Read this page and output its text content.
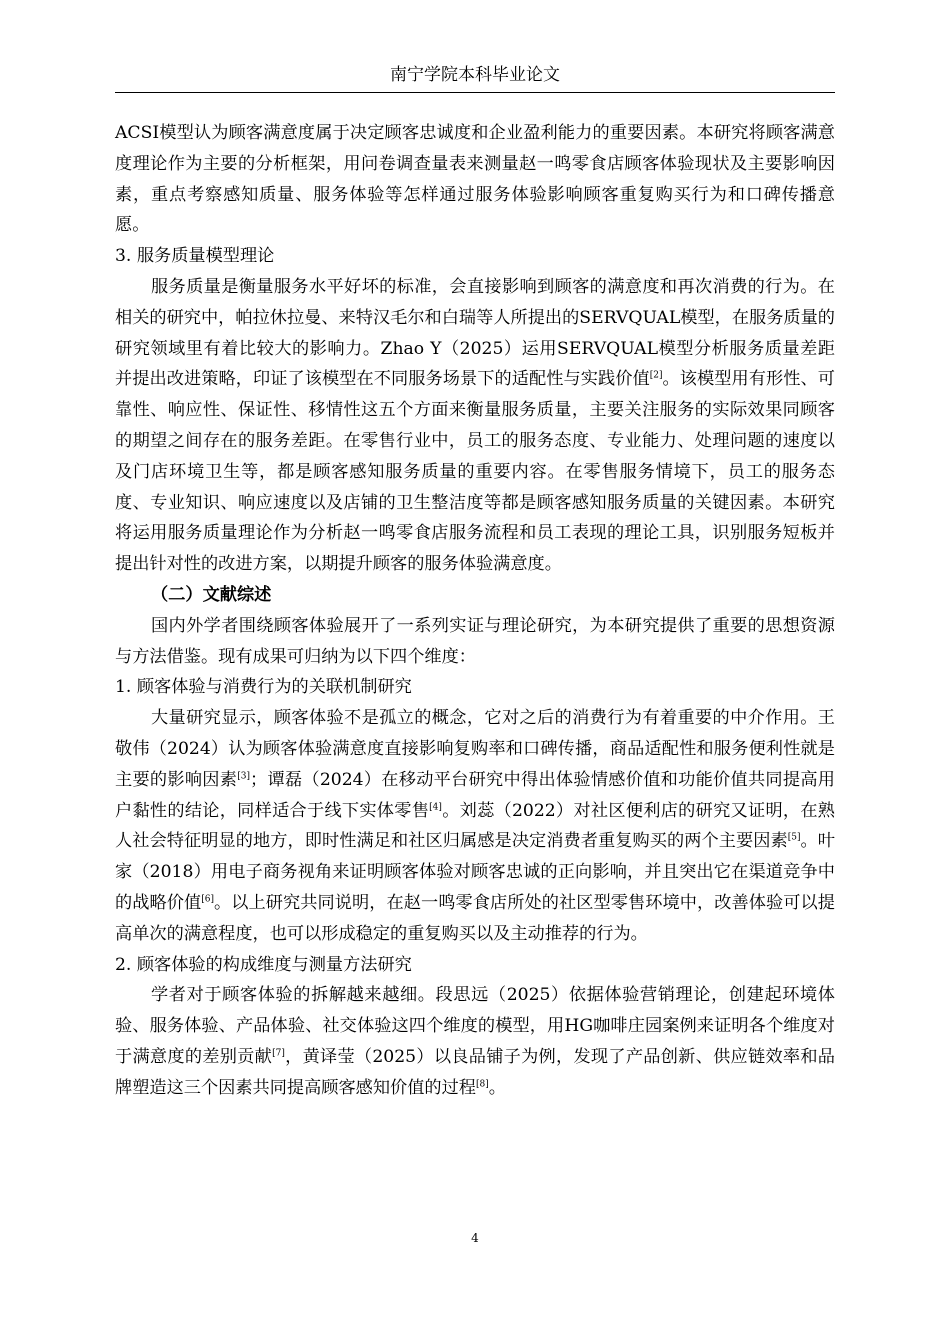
南宁学院本科毕业论文

ACSI模型认为顾客满意度属于决定顾客忠诚度和企业盈利能力的重要因素。本研究将顾客满意度理论作为主要的分析框架，用问卷调查量表来测量赵一鸣零食店顾客体验现状及主要影响因素，重点考察感知质量、服务体验等怎样通过服务体验影响顾客重复购买行为和口碑传播意愿。

3. 服务质量模型理论

服务质量是衡量服务水平好坏的标准，会直接影响到顾客的满意度和再次消费的行为。在相关的研究中，帕拉休拉曼、来特汉毛尔和白瑞等人所提出的SERVQUAL模型，在服务质量的研究领域里有着比较大的影响力。Zhao Y（2025）运用SERVQUAL模型分析服务质量差距并提出改进策略，印证了该模型在不同服务场景下的适配性与实践价值[2]。该模型用有形性、可靠性、响应性、保证性、移情性这五个方面来衡量服务质量，主要关注服务的实际效果同顾客的期望之间存在的服务差距。在零售行业中，员工的服务态度、专业能力、处理问题的速度以及门店环境卫生等，都是顾客感知服务质量的重要内容。在零售服务情境下，员工的服务态度、专业知识、响应速度以及店铺的卫生整洁度等都是顾客感知服务质量的关键因素。本研究将运用服务质量理论作为分析赵一鸣零食店服务流程和员工表现的理论工具，识别服务短板并提出针对性的改进方案，以期提升顾客的服务体验满意度。

（二）文献综述

国内外学者围绕顾客体验展开了一系列实证与理论研究，为本研究提供了重要的思想资源与方法借鉴。现有成果可归纳为以下四个维度：

1. 顾客体验与消费行为的关联机制研究

大量研究显示，顾客体验不是孤立的概念，它对之后的消费行为有着重要的中介作用。王敬伟（2024）认为顾客体验满意度直接影响复购率和口碑传播，商品适配性和服务便利性就是主要的影响因素[3]；谭磊（2024）在移动平台研究中得出体验情感价值和功能价值共同提高用户黏性的结论，同样适合于线下实体零售[4]。刘蕊（2022）对社区便利店的研究又证明，在熟人社会特征明显的地方，即时性满足和社区归属感是决定消费者重复购买的两个主要因素[5]。叶家（2018）用电子商务视角来证明顾客体验对顾客忠诚的正向影响，并且突出它在渠道竞争中的战略价值[6]。以上研究共同说明，在赵一鸣零食店所处的社区型零售环境中，改善体验可以提高单次的满意程度，也可以形成稳定的重复购买以及主动推荐的行为。

2. 顾客体验的构成维度与测量方法研究

学者对于顾客体验的拆解越来越细。段思远（2025）依据体验营销理论，创建起环境体验、服务体验、产品体验、社交体验这四个维度的模型，用HG咖啡庄园案例来证明各个维度对于满意度的差别贡献[7]，黄译莹（2025）以良品铺子为例，发现了产品创新、供应链效率和品牌塑造这三个因素共同提高顾客感知价值的过程[8]。

4
